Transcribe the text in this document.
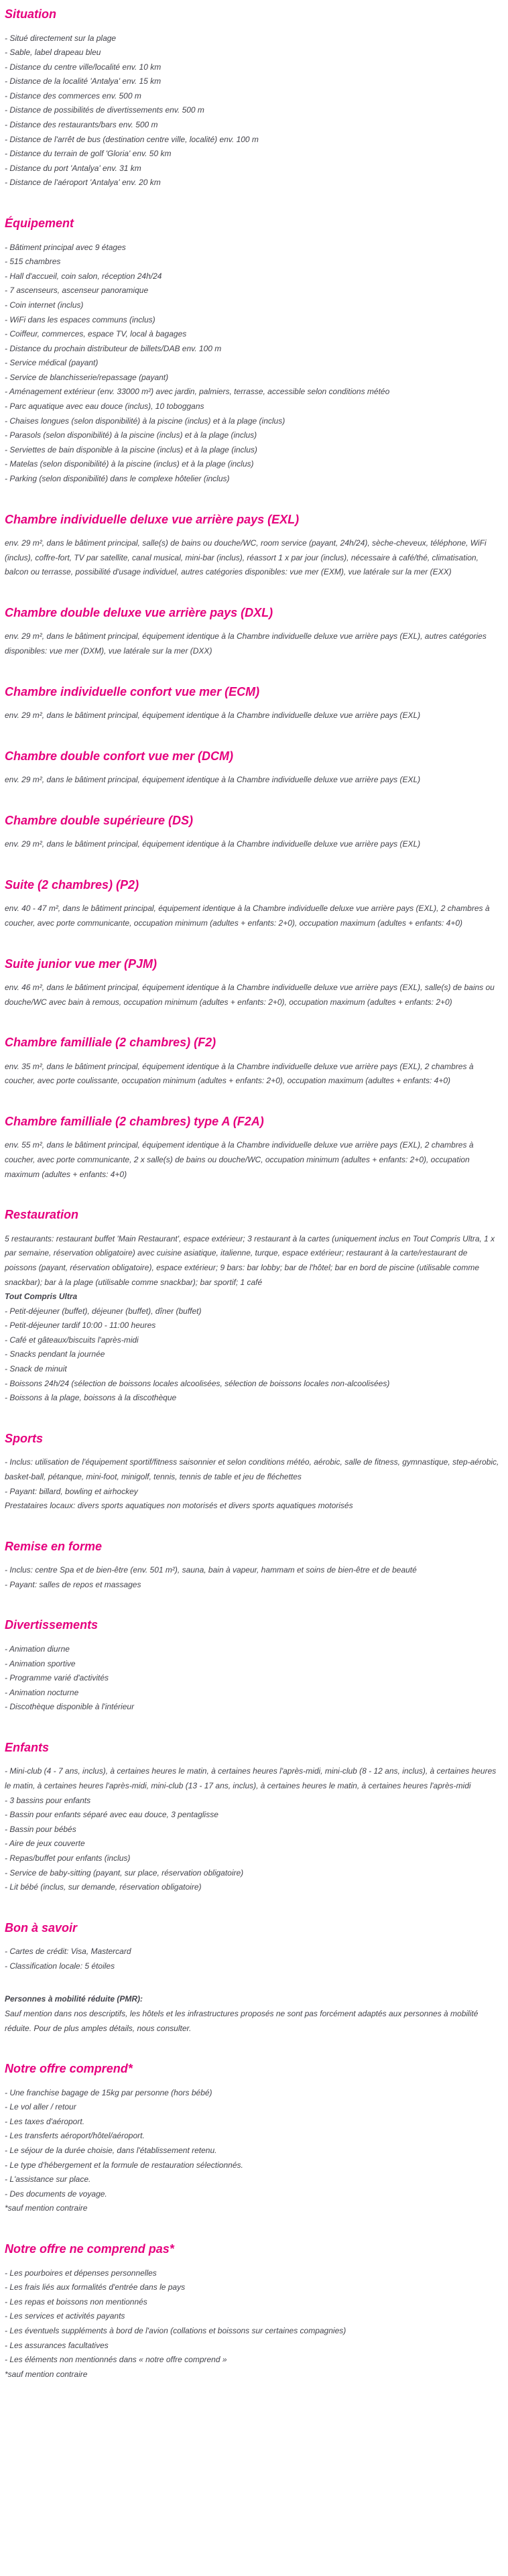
Situation
- Situé directement sur la plage
- Sable, label drapeau bleu
- Distance du centre ville/localité env. 10 km
- Distance de la localité 'Antalya' env. 15 km
- Distance des commerces env. 500 m
- Distance de possibilités de divertissements env. 500 m
- Distance des restaurants/bars env. 500 m
- Distance de l'arrêt de bus (destination centre ville, localité) env. 100 m
- Distance du terrain de golf 'Gloria' env. 50 km
- Distance du port 'Antalya' env. 31 km
- Distance de l'aéroport 'Antalya' env. 20 km
Équipement
- Bâtiment principal avec 9 étages
- 515 chambres
- Hall d'accueil, coin salon, réception 24h/24
- 7 ascenseurs, ascenseur panoramique
- Coin internet (inclus)
- WiFi dans les espaces communs (inclus)
- Coiffeur, commerces, espace TV, local à bagages
- Distance du prochain distributeur de billets/DAB env. 100 m
- Service médical (payant)
- Service de blanchisserie/repassage (payant)
- Aménagement extérieur (env. 33000 m²) avec jardin, palmiers, terrasse, accessible selon conditions météo
- Parc aquatique avec eau douce (inclus), 10 toboggans
- Chaises longues (selon disponibilité) à la piscine (inclus) et à la plage (inclus)
- Parasols (selon disponibilité) à la piscine (inclus) et à la plage (inclus)
- Serviettes de bain disponible à la piscine (inclus) et à la plage (inclus)
- Matelas (selon disponibilité) à la piscine (inclus) et à la plage (inclus)
- Parking (selon disponibilité) dans le complexe hôtelier (inclus)
Chambre individuelle deluxe vue arrière pays (EXL)

env. 29 m², dans le bâtiment principal, salle(s) de bains ou douche/WC, room service (payant, 24h/24), sèche-cheveux, téléphone, WiFi (inclus), coffre-fort, TV par satellite, canal musical, mini-bar (inclus), réassort 1 x par jour (inclus), nécessaire à café/thé, climatisation, balcon ou terrasse, possibilité d'usage individuel, autres catégories disponibles: vue mer (EXM), vue latérale sur la mer (EXX)

Chambre double deluxe vue arrière pays (DXL)

env. 29 m², dans le bâtiment principal, équipement identique à la Chambre individuelle deluxe vue arrière pays (EXL), autres catégories disponibles: vue mer (DXM), vue latérale sur la mer (DXX)

Chambre individuelle confort vue mer (ECM)

env. 29 m², dans le bâtiment principal, équipement identique à la Chambre individuelle deluxe vue arrière pays (EXL)

Chambre double confort vue mer (DCM)

env. 29 m², dans le bâtiment principal, équipement identique à la Chambre individuelle deluxe vue arrière pays (EXL)

Chambre double supérieure (DS)

env. 29 m², dans le bâtiment principal, équipement identique à la Chambre individuelle deluxe vue arrière pays (EXL)

Suite (2 chambres) (P2)

env. 40 - 47 m², dans le bâtiment principal, équipement identique à la Chambre individuelle deluxe vue arrière pays (EXL), 2 chambres à coucher, avec porte communicante, occupation minimum (adultes + enfants: 2+0), occupation maximum (adultes + enfants: 4+0)

Suite junior vue mer (PJM)

env. 46 m², dans le bâtiment principal, équipement identique à la Chambre individuelle deluxe vue arrière pays (EXL), salle(s) de bains ou douche/WC avec bain à remous, occupation minimum (adultes + enfants: 2+0), occupation maximum (adultes + enfants: 2+0)

Chambre familliale (2 chambres) (F2)

env. 35 m², dans le bâtiment principal, équipement identique à la Chambre individuelle deluxe vue arrière pays (EXL), 2 chambres à coucher, avec porte coulissante, occupation minimum (adultes + enfants: 2+0), occupation maximum (adultes + enfants: 4+0)

Chambre familliale (2 chambres) type A (F2A)

env. 55 m², dans le bâtiment principal, équipement identique à la Chambre individuelle deluxe vue arrière pays (EXL), 2 chambres à coucher, avec porte communicante, 2 x salle(s) de bains ou douche/WC, occupation minimum (adultes + enfants: 2+0), occupation maximum (adultes + enfants: 4+0)

Restauration

5 restaurants: restaurant buffet 'Main Restaurant', espace extérieur; 3 restaurant à la cartes (uniquement inclus en Tout Compris Ultra, 1 x par semaine, réservation obligatoire) avec cuisine asiatique, italienne, turque, espace extérieur; restaurant à la carte/restaurant de poissons (payant, réservation obligatoire), espace extérieur; 9 bars: bar lobby; bar de l'hôtel; bar en bord de piscine (utilisable comme snackbar); bar à la plage (utilisable comme snackbar); bar sportif; 1 café

Tout Compris Ultra

- Petit-déjeuner (buffet), déjeuner (buffet), dîner (buffet)
- Petit-déjeuner tardif 10:00 - 11:00 heures
- Café et gâteaux/biscuits l'après-midi
- Snacks pendant la journée
- Snack de minuit
- Boissons 24h/24 (sélection de boissons locales alcoolisées, sélection de boissons locales non-alcoolisées)
- Boissons à la plage, boissons à la discothèque
Sports
- Inclus: utilisation de l'équipement sportif/fitness saisonnier et selon conditions météo, aérobic, salle de fitness, gymnastique, step-aérobic, basket-ball, pétanque, mini-foot, minigolf, tennis, tennis de table et jeu de fléchettes
- Payant: billard, bowling et airhockey

Prestataires locaux: divers sports aquatiques non motorisés et divers sports aquatiques motorisés

Remise en forme
- Inclus: centre Spa et de bien-être (env. 501 m²), sauna, bain à vapeur, hammam et soins de bien-être et de beauté
- Payant: salles de repos et massages
Divertissements
- Animation diurne
- Animation sportive
- Programme varié d'activités
- Animation nocturne
- Discothèque disponible à l'intérieur
Enfants
- Mini-club (4 - 7 ans, inclus), à certaines heures le matin, à certaines heures l'après-midi, mini-club (8 - 12 ans, inclus), à certaines heures le matin, à certaines heures l'après-midi, mini-club (13 - 17 ans, inclus), à certaines heures le matin, à certaines heures l'après-midi
- 3 bassins pour enfants
- Bassin pour enfants séparé avec eau douce, 3 pentaglisse
- Bassin pour bébés
- Aire de jeux couverte
- Repas/buffet pour enfants (inclus)
- Service de baby-sitting (payant, sur place, réservation obligatoire)
- Lit bébé (inclus, sur demande, réservation obligatoire)
Bon à savoir
- Cartes de crédit: Visa, Mastercard
- Classification locale: 5 étoiles

Personnes à mobilité réduite (PMR):

Sauf mention dans nos descriptifs, les hôtels et les infrastructures proposés ne sont pas forcément adaptés aux personnes à mobilité réduite. Pour de plus amples détails, nous consulter.

Notre offre comprend*
- Une franchise bagage de 15kg par personne (hors bébé)
- Le vol aller / retour
- Les taxes d'aéroport.
- Les transferts aéroport/hôtel/aéroport.
- Le séjour de la durée choisie, dans l'établissement retenu.
- Le type d'hébergement et la formule de restauration sélectionnés.
- L'assistance sur place.
- Des documents de voyage.

*sauf mention contraire

Notre offre ne comprend pas*
- Les pourboires et dépenses personnelles
- Les frais liés aux formalités d'entrée dans le pays
- Les repas et boissons non mentionnés
- Les services et activités payants
- Les éventuels suppléments à bord de l'avion (collations et boissons sur certaines compagnies)
- Les assurances facultatives
- Les éléments non mentionnés dans « notre offre comprend »

*sauf mention contraire
